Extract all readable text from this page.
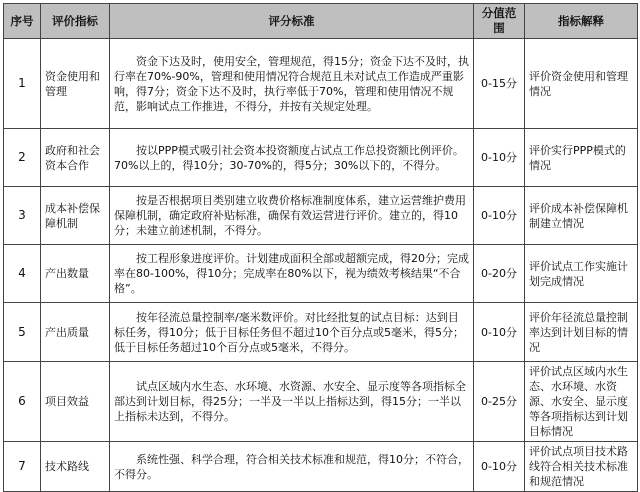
序号	评价指标	评分标准	分值范围	指标解释
1	资金使用和管理	资金下达及时，使用安全，管理规范，得15分；资金下达不及时，执行率在70%-90%，管理和使用情况符合规范且未对试点工作造成严重影响，得7分；资金下达不及时，执行率低于70%，管理和使用情况不规范，影响试点工作推进，不得分，并按有关规定处理。	0-15分	评价资金使用和管理情况
2	政府和社会资本合作	按以PPP模式吸引社会资本投资额度占试点工作总投资额比例评价。70%以上的，得10分；30-70%的，得5分；30%以下的，不得分。	0-10分	评价实行PPP模式的情况
3	成本补偿保障机制	按是否根据项目类别建立收费价格标准制度体系，建立运营维护费用保障机制，确定政府补贴标准，确保有效运营进行评价。建立的，得10分；未建立前述机制，不得分。	0-10分	评价成本补偿保障机制建立情况
4	产出数量	按工程形象进度评价。计划建成面积全部或超额完成，得20分；完成率在80-100%，得10分；完成率在80%以下，视为绩效考核结果“不合格”。	0-20分	评价试点工作实施计划完成情况
5	产出质量	按年径流总量控制率/毫米数评价。对比经批复的试点目标：达到目标任务，得10分；低于目标任务但不超过10个百分点或5毫米，得5分；低于目标任务超过10个百分点或5毫米，不得分。	0-10分	评价年径流总量控制率达到计划目标的情况
6	项目效益	试点区域内水生态、水环境、水资源、水安全、显示度等各项指标全部达到计划目标，得25分；一半及一半以上指标达到，得15分；一半以上指标未达到，不得分。	0-25分	评价试点区域内水生态、水环境、水资源、水安全、显示度等各项指标达到计划目标情况
7	技术路线	系统性强、科学合理，符合相关技术标准和规范，得10分；不符合，不得分。	0-10分	评价试点项目技术路线符合相关技术标准和规范情况
